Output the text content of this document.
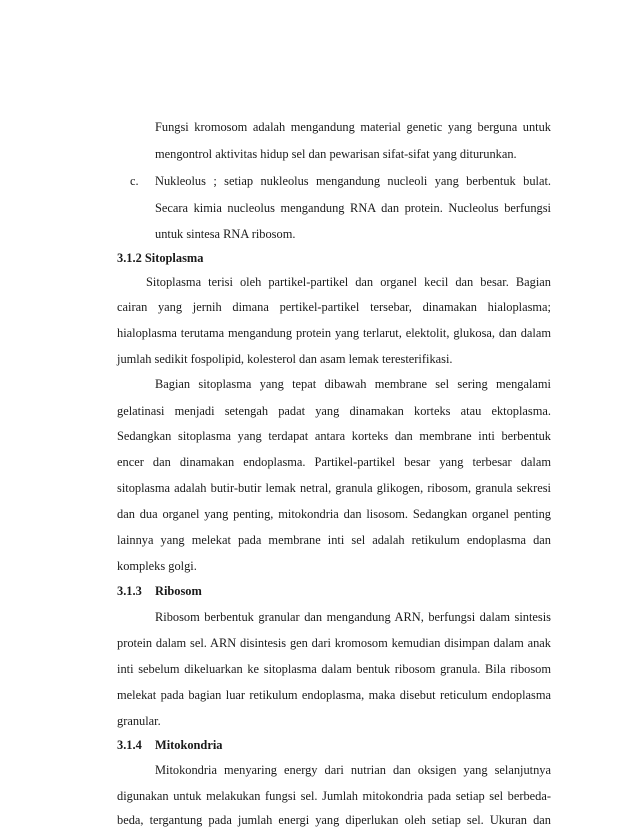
Fungsi kromosom adalah mengandung material genetic yang berguna untuk
mengontrol aktivitas hidup sel dan pewarisan sifat-sifat yang diturunkan.
c. Nukleolus ; setiap nukleolus mengandung nucleoli yang berbentuk bulat.
Secara kimia nucleolus mengandung RNA dan protein. Nucleolus berfungsi
untuk sintesa RNA ribosom.
3.1.2 Sitoplasma
Sitoplasma terisi oleh partikel-partikel dan organel kecil dan besar. Bagian
cairan yang jernih dimana pertikel-partikel tersebar, dinamakan hialoplasma;
hialoplasma terutama mengandung protein yang terlarut, elektolit, glukosa, dan dalam
jumlah sedikit fospolipid, kolesterol dan asam lemak teresterifikasi.
Bagian sitoplasma yang tepat dibawah membrane sel sering mengalami
gelatinasi menjadi setengah padat yang dinamakan korteks atau ektoplasma.
Sedangkan sitoplasma yang terdapat antara korteks dan membrane inti berbentuk
encer dan dinamakan endoplasma. Partikel-partikel besar yang terbesar dalam
sitoplasma adalah butir-butir lemak netral, granula glikogen, ribosom, granula sekresi
dan dua organel yang penting, mitokondria dan lisosom. Sedangkan organel penting
lainnya yang melekat pada membrane inti sel adalah retikulum endoplasma dan
kompleks golgi.
3.1.3 Ribosom
Ribosom berbentuk granular dan mengandung ARN, berfungsi dalam sintesis
protein dalam sel. ARN disintesis gen dari kromosom kemudian disimpan dalam anak
inti sebelum dikeluarkan ke sitoplasma dalam bentuk ribosom granula. Bila ribosom
melekat pada bagian luar retikulum endoplasma, maka disebut reticulum endoplasma
granular.
3.1.4 Mitokondria
Mitokondria menyaring energy dari nutrian dan oksigen yang selanjutnya
digunakan untuk melakukan fungsi sel. Jumlah mitokondria pada setiap sel berbeda-
beda, tergantung pada jumlah energi yang diperlukan oleh setiap sel. Ukuran dan
